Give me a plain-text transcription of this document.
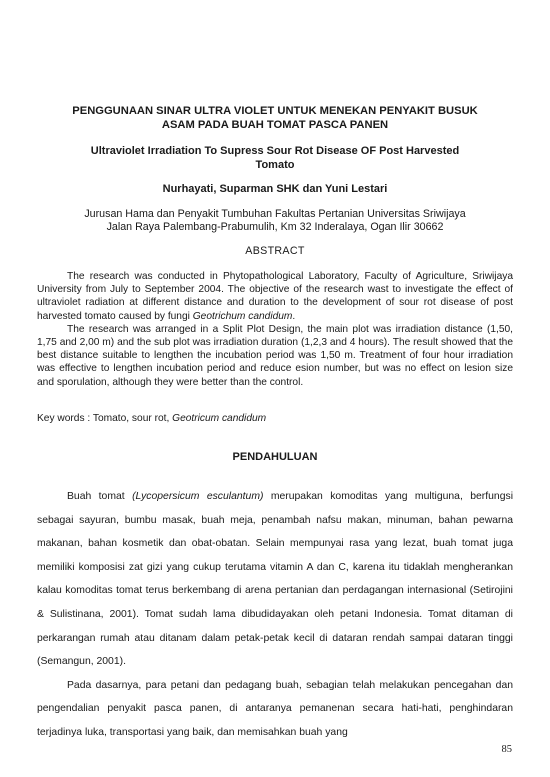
PENGGUNAAN SINAR ULTRA VIOLET UNTUK MENEKAN PENYAKIT BUSUK
ASAM PADA BUAH TOMAT PASCA PANEN
Ultraviolet Irradiation To Supress Sour Rot Disease OF Post Harvested
Tomato

Nurhayati, Suparman SHK dan Yuni Lestari

Jurusan Hama dan Penyakit Tumbuhan Fakultas Pertanian Universitas Sriwijaya
Jalan Raya Palembang-Prabumulih, Km 32 Inderalaya, Ogan Ilir 30662

ABSTRACT

The research was conducted in Phytopathological Laboratory, Faculty of Agriculture, Sriwijaya University from July to September 2004. The objective of the research wast to investigate the effect of ultraviolet radiation at different distance and duration to the development of sour rot disease of post harvested tomato caused by fungi Geotrichum candidum.

The research was arranged in a Split Plot Design, the main plot was irradiation distance (1,50, 1,75 and 2,00 m) and the sub plot was irradiation duration (1,2,3 and 4 hours). The result showed that the best distance suitable to lengthen the incubation period was 1,50 m. Treatment of four hour irradiation was effective to lengthen incubation period and reduce esion number, but was no effect on lesion size and sporulation, although they were better than the control.

Key words : Tomato, sour rot, Geotricum candidum

PENDAHULUAN

Buah tomat (Lycopersicum esculantum) merupakan komoditas yang multiguna, berfungsi sebagai sayuran, bumbu masak, buah meja, penambah nafsu makan, minuman, bahan pewarna makanan, bahan kosmetik dan obat-obatan. Selain mempunyai rasa yang lezat, buah tomat juga memiliki komposisi zat gizi yang cukup terutama vitamin A dan C, karena itu tidaklah mengherankan kalau komoditas tomat terus berkembang di arena pertanian dan perdagangan internasional (Setirojini & Sulistinana, 2001). Tomat sudah lama dibudidayakan oleh petani Indonesia. Tomat ditaman di perkarangan rumah atau ditanam dalam petak-petak kecil di dataran rendah sampai dataran tinggi (Semangun, 2001).

Pada dasarnya, para petani dan pedagang buah, sebagian telah melakukan pencegahan dan pengendalian penyakit pasca panen, di antaranya pemanenan secara hati-hati, penghindaran terjadinya luka, transportasi yang baik, dan memisahkan buah yang

85
